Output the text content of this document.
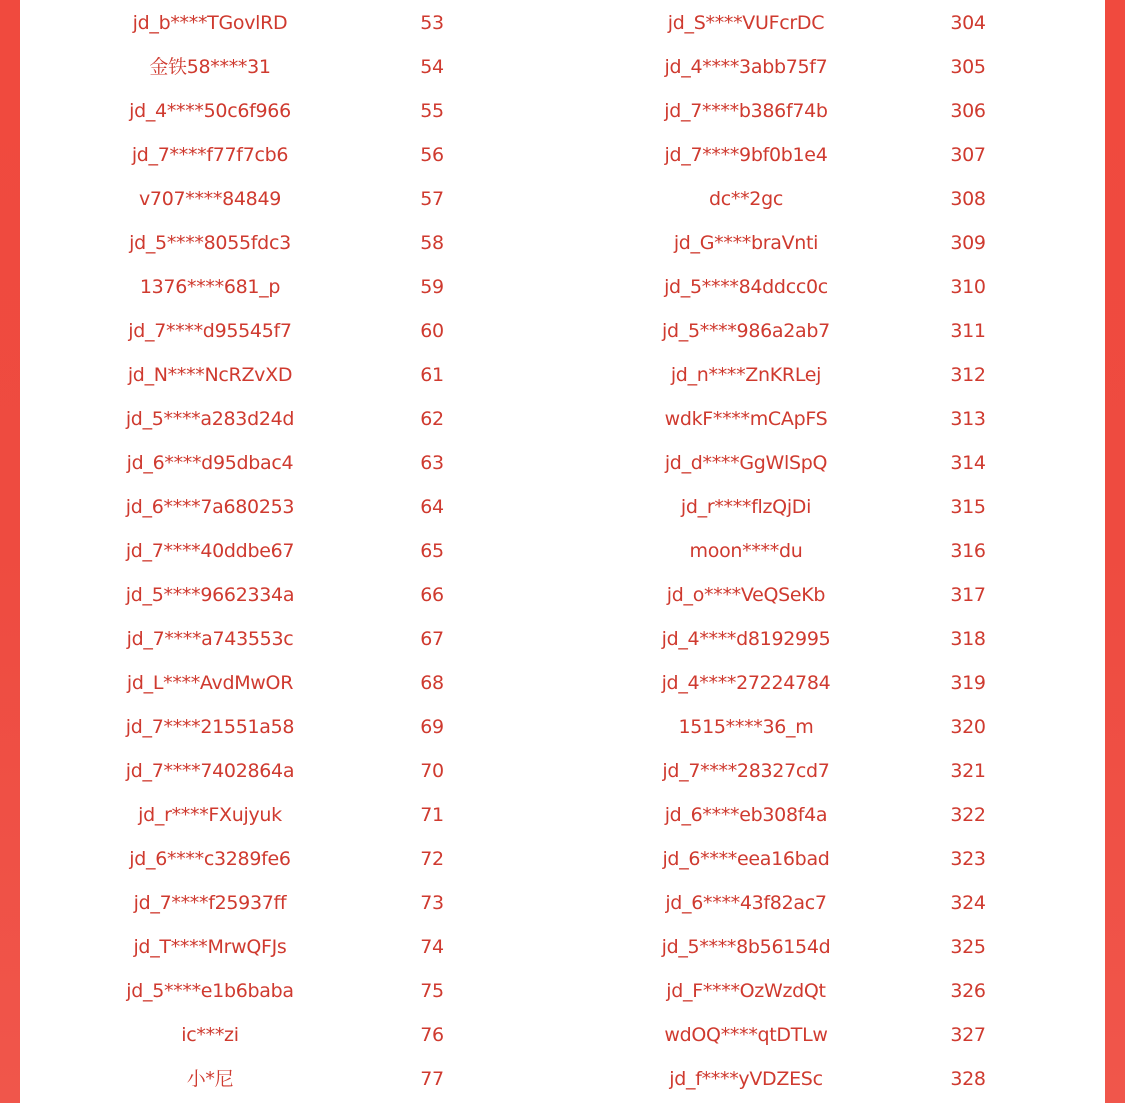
jd_b****TGovlRD	53
金铁58****31	54
jd_4****50c6f966	55
jd_7****f77f7cb6	56
v707****84849	57
jd_5****8055fdc3	58
1376****681_p	59
jd_7****d95545f7	60
jd_N****NcRZvXD	61
jd_5****a283d24d	62
jd_6****d95dbac4	63
jd_6****7a680253	64
jd_7****40ddbe67	65
jd_5****9662334a	66
jd_7****a743553c	67
jd_L****AvdMwOR	68
jd_7****21551a58	69
jd_7****7402864a	70
jd_r****FXujyuk	71
jd_6****c3289fe6	72
jd_7****f25937ff	73
jd_T****MrwQFJs	74
jd_5****e1b6baba	75
ic***zi	76
小*尼	77
jd_S****VUFcrDC	304
jd_4****3abb75f7	305
jd_7****b386f74b	306
jd_7****9bf0b1e4	307
dc**2gc	308
jd_G****braVnti	309
jd_5****84ddcc0c	310
jd_5****986a2ab7	311
jd_n****ZnKRLej	312
wdkF****mCApFS	313
jd_d****GgWlSpQ	314
jd_r****flzQjDi	315
moon****du	316
jd_o****VeQSeKb	317
jd_4****d8192995	318
jd_4****27224784	319
1515****36_m	320
jd_7****28327cd7	321
jd_6****eb308f4a	322
jd_6****eea16bad	323
jd_6****43f82ac7	324
jd_5****8b56154d	325
jd_F****OzWzdQt	326
wdOQ****qtDTLw	327
jd_f****yVDZESc	328
